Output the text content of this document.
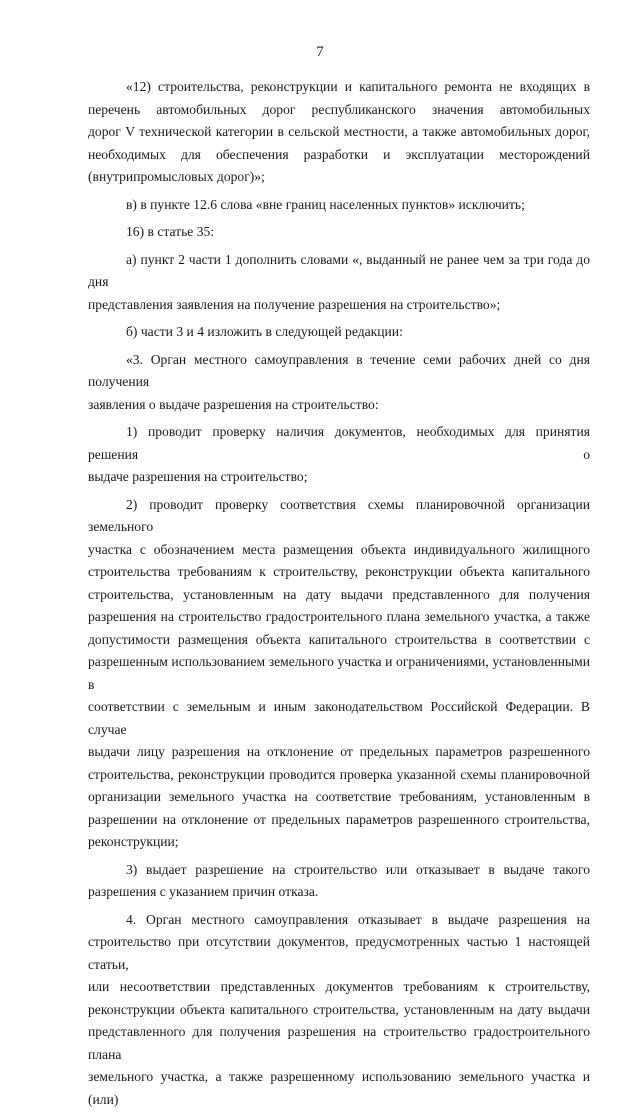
7

«12) строительства, реконструкции и капитального ремонта не входящих в
перечень автомобильных дорог республиканского значения автомобильных
дорог V технической категории в сельской местности, а также автомобильных дорог,
необходимых для обеспечения разработки и эксплуатации месторождений
(внутрипромысловых дорог)»;

в) в пункте 12.6 слова «вне границ населенных пунктов» исключить;

16) в статье 35:

а) пункт 2 части 1 дополнить словами «, выданный не ранее чем за три года до дня
представления заявления на получение разрешения на строительство»;

б) части 3 и 4 изложить в следующей редакции:

«3. Орган местного самоуправления в течение семи рабочих дней со дня получения
заявления о выдаче разрешения на строительство:

1) проводит проверку наличия документов, необходимых для принятия решения о
выдаче разрешения на строительство;

2) проводит проверку соответствия схемы планировочной организации земельного
участка с обозначением места размещения объекта индивидуального жилищного
строительства требованиям к строительству, реконструкции объекта капитального
строительства, установленным на дату выдачи представленного для получения
разрешения на строительство градостроительного плана земельного участка, а также
допустимости размещения объекта капитального строительства в соответствии с
разрешенным использованием земельного участка и ограничениями, установленными в
соответствии с земельным и иным законодательством Российской Федерации. В случае
выдачи лицу разрешения на отклонение от предельных параметров разрешенного
строительства, реконструкции проводится проверка указанной схемы планировочной
организации земельного участка на соответствие требованиям, установленным в
разрешении на отклонение от предельных параметров разрешенного строительства,
реконструкции;

3) выдает разрешение на строительство или отказывает в выдаче такого
разрешения с указанием причин отказа.

4. Орган местного самоуправления отказывает в выдаче разрешения на
строительство при отсутствии документов, предусмотренных частью 1 настоящей статьи,
или несоответствии представленных документов требованиям к строительству,
реконструкции объекта капитального строительства, установленным на дату выдачи
представленного для получения разрешения на строительство градостроительного плана
земельного участка, а также разрешенному использованию земельного участка и (или)
